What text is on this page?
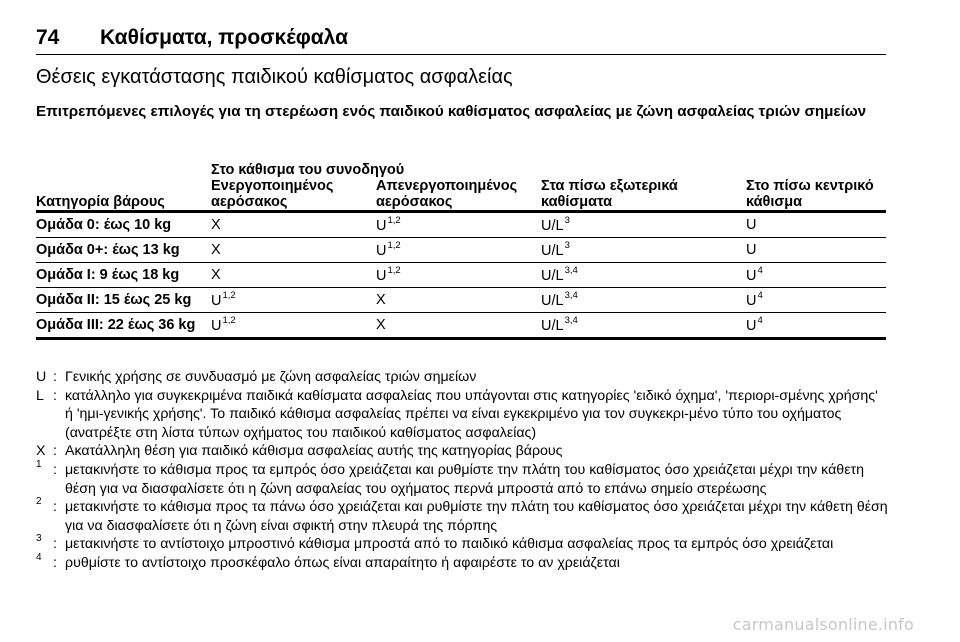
74	Καθίσματα, προσκέφαλα
Θέσεις εγκατάστασης παιδικού καθίσματος ασφαλείας
Επιτρεπόμενες επιλογές για τη στερέωση ενός παιδικού καθίσματος ασφαλείας με ζώνη ασφαλείας τριών σημείων
	Στο κάθισμα του συνοδηγού			
Κατηγορία βάρους	Ενεργοποιημένος αερόσακος	Απενεργοποιημένος αερόσακος	Στα πίσω εξωτερικά καθίσματα	Στο πίσω κεντρικό κάθισμα
Ομάδα 0: έως 10 kg	X	U$^{1,2}$	$U/L^3$	U
Ομάδα 0+: έως 13 kg	X	U$^{1,2}$	$U/L^3$	U
Ομάδα I: 9 έως 18 kg	X	U$^{1,2}$	$U/L^{3,4}$	$U^4$
Ομάδα II: 15 έως 25 kg	U$^{1,2}$	X	$U/L^{3,4}$	$U^4$
Ομάδα III: 22 έως 36 kg	U$^{1,2}$	X	$U/L^{3,4}$	$U^4$
U : Γενικής χρήσης σε συνδυασμό με ζώνη ασφαλείας τριών σημείων
L : κατάλληλο για συγκεκριμένα παιδικά καθίσματα ασφαλείας που υπάγονται στις κατηγορίες 'ειδικό όχημα', 'περιορι-σμένης χρήσης' ή 'ημι-γενικής χρήσης'. Το παιδικό κάθισμα ασφαλείας πρέπει να είναι εγκεκριμένο για τον συγκεκρι-μένο τύπο του οχήματος (ανατρέξτε στη λίστα τύπων οχήματος του παιδικού καθίσματος ασφαλείας)
X : Ακατάλληλη θέση για παιδικό κάθισμα ασφαλείας αυτής της κατηγορίας βάρους
1 : μετακινήστε το κάθισμα προς τα εμπρός όσο χρειάζεται και ρυθμίστε την πλάτη του καθίσματος όσο χρειάζεται μέχρι την κάθετη θέση για να διασφαλίσετε ότι η ζώνη ασφαλείας του οχήματος περνά μπροστά από το επάνω σημείο στερέωσης
2 : μετακινήστε το κάθισμα προς τα πάνω όσο χρειάζεται και ρυθμίστε την πλάτη του καθίσματος όσο χρειάζεται μέχρι την κάθετη θέση για να διασφαλίσετε ότι η ζώνη είναι σφικτή στην πλευρά της πόρπης
3 : μετακινήστε το αντίστοιχο μπροστινό κάθισμα μπροστά από το παιδικό κάθισμα ασφαλείας προς τα εμπρός όσο χρειάζεται
4 : ρυθμίστε το αντίστοιχο προσκέφαλο όπως είναι απαραίτητο ή αφαιρέστε το αν χρειάζεται
carmanualsonline.info
